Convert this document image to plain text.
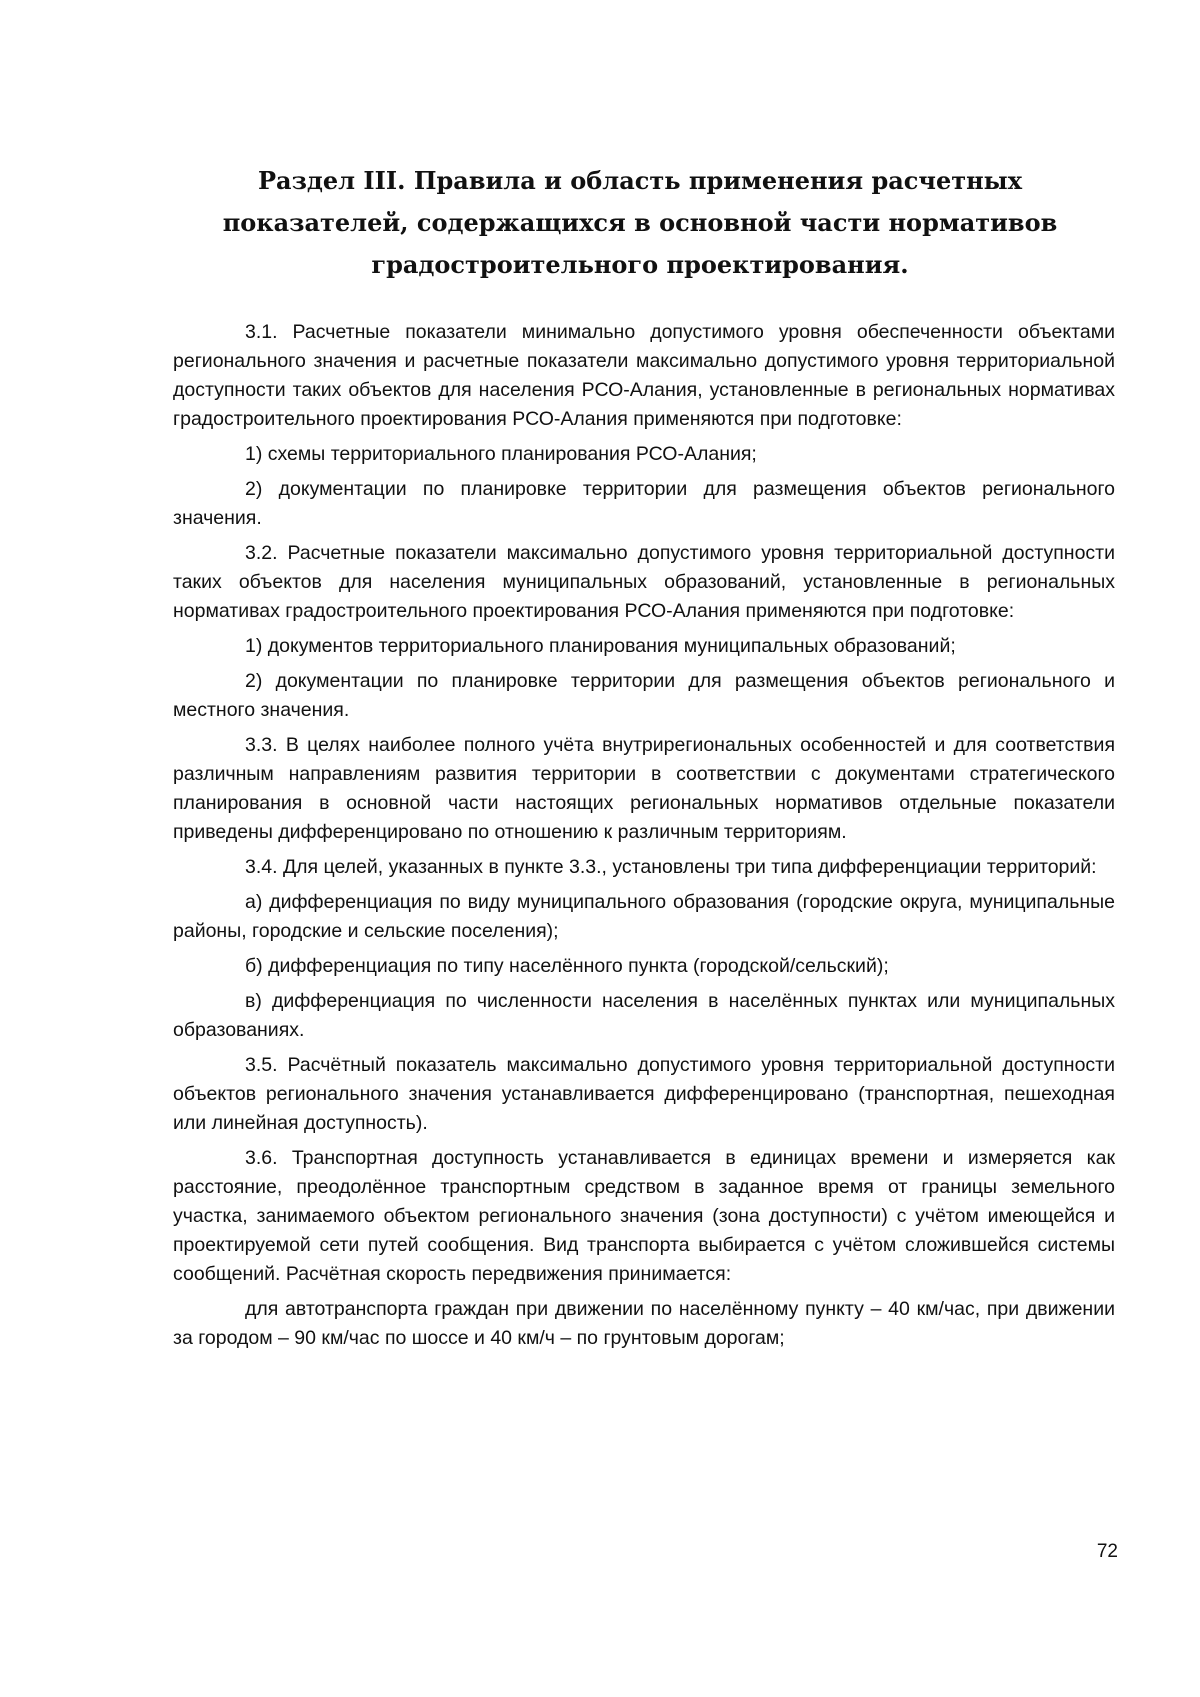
Раздел III. Правила и область применения расчетных показателей, содержащихся в основной части нормативов градостроительного проектирования.

3.1. Расчетные показатели минимально допустимого уровня обеспеченности объектами регионального значения и расчетные показатели максимально допустимого уровня территориальной доступности таких объектов для населения РСО-Алания, установленные в региональных нормативах градостроительного проектирования РСО-Алания применяются при подготовке:

1) схемы территориального планирования РСО-Алания;

2) документации по планировке территории для размещения объектов регионального значения.

3.2. Расчетные показатели максимально допустимого уровня территориальной доступности таких объектов для населения муниципальных образований, установленные в региональных нормативах градостроительного проектирования РСО-Алания применяются при подготовке:

1) документов территориального планирования муниципальных образований;

2) документации по планировке территории для размещения объектов регионального и местного значения.

3.3. В целях наиболее полного учёта внутрирегиональных особенностей и для соответствия различным направлениям развития территории в соответствии с документами стратегического планирования в основной части настоящих региональных нормативов отдельные показатели приведены дифференцировано по отношению к различным территориям.

3.4. Для целей, указанных в пункте 3.3., установлены три типа дифференциации территорий:

а) дифференциация по виду муниципального образования (городские округа, муниципальные районы, городские и сельские поселения);

б) дифференциация по типу населённого пункта (городской/сельский);

в) дифференциация по численности населения в населённых пунктах или муниципальных образованиях.

3.5. Расчётный показатель максимально допустимого уровня территориальной доступности объектов регионального значения устанавливается дифференцировано (транспортная, пешеходная или линейная доступность).

3.6. Транспортная доступность устанавливается в единицах времени и измеряется как расстояние, преодолённое транспортным средством в заданное время от границы земельного участка, занимаемого объектом регионального значения (зона доступности) с учётом имеющейся и проектируемой сети путей сообщения. Вид транспорта выбирается с учётом сложившейся системы сообщений. Расчётная скорость передвижения принимается:

для автотранспорта граждан при движении по населённому пункту – 40 км/час, при движении за городом – 90 км/час по шоссе и 40 км/ч – по грунтовым дорогам;

72
